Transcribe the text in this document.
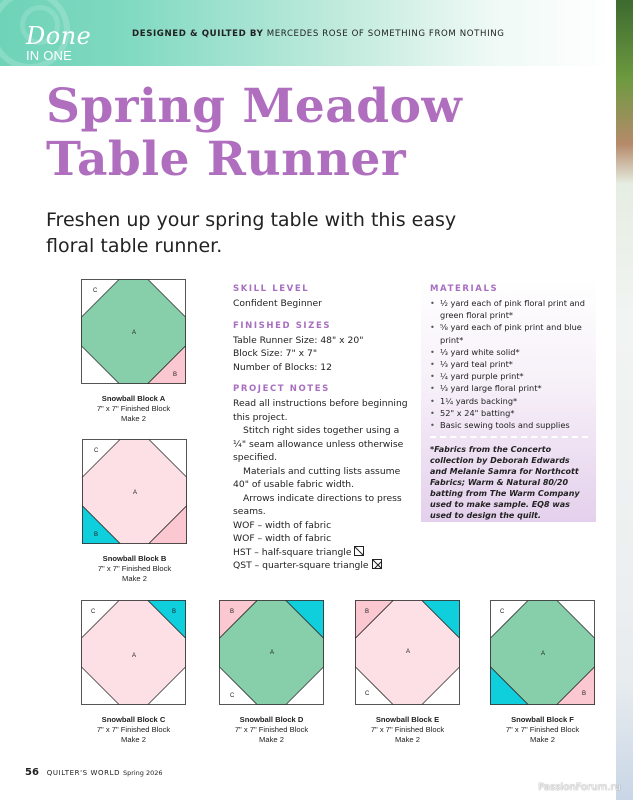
Done
IN ONE
DESIGNED & QUILTED BY MERCEDES ROSE OF SOMETHING FROM NOTHING
Spring Meadow
Table Runner
Freshen up your spring table with this easy floral table runner.
SKILL LEVEL
Confident Beginner
FINISHED SIZES
Table Runner Size: 48" x 20"
Block Size: 7" x 7"
Number of Blocks: 12
PROJECT NOTES
Read all instructions before beginning this project.
Stitch right sides together using a ¼" seam allowance unless otherwise specified.
Materials and cutting lists assume 40" of usable fabric width.
Arrows indicate directions to press seams.
WOF – width of fabric
WOF – width of fabric
HST – half-square triangle
QST – quarter-square triangle
MATERIALS
• ½ yard each of pink floral print and green floral print*
• ⅝ yard each of pink print and blue print*
• ⅓ yard white solid*
• ⅓ yard teal print*
• ¼ yard purple print*
• ⅓ yard large floral print*
• 1¼ yards backing*
• 52" x 24" batting*
• Basic sewing tools and supplies
*Fabrics from the Concerto collection by Deborah Edwards and Melanie Samra for Northcott Fabrics; Warm & Natural 80/20 batting from The Warm Company used to make sample. EQ8 was used to design the quilt.
C
A
B
Snowball Block A
7" x 7" Finished Block
Make 2
C
A
B
Snowball Block B
7" x 7" Finished Block
Make 2
C
A
B
Snowball Block C
7" x 7" Finished Block
Make 2
B
A
C
Snowball Block D
7" x 7" Finished Block
Make 2
B
A
C
Snowball Block E
7" x 7" Finished Block
Make 2
C
A
B
Snowball Block F
7" x 7" Finished Block
Make 2
56 QUILTER'S WORLD Spring 2026
PassionForum.ru
